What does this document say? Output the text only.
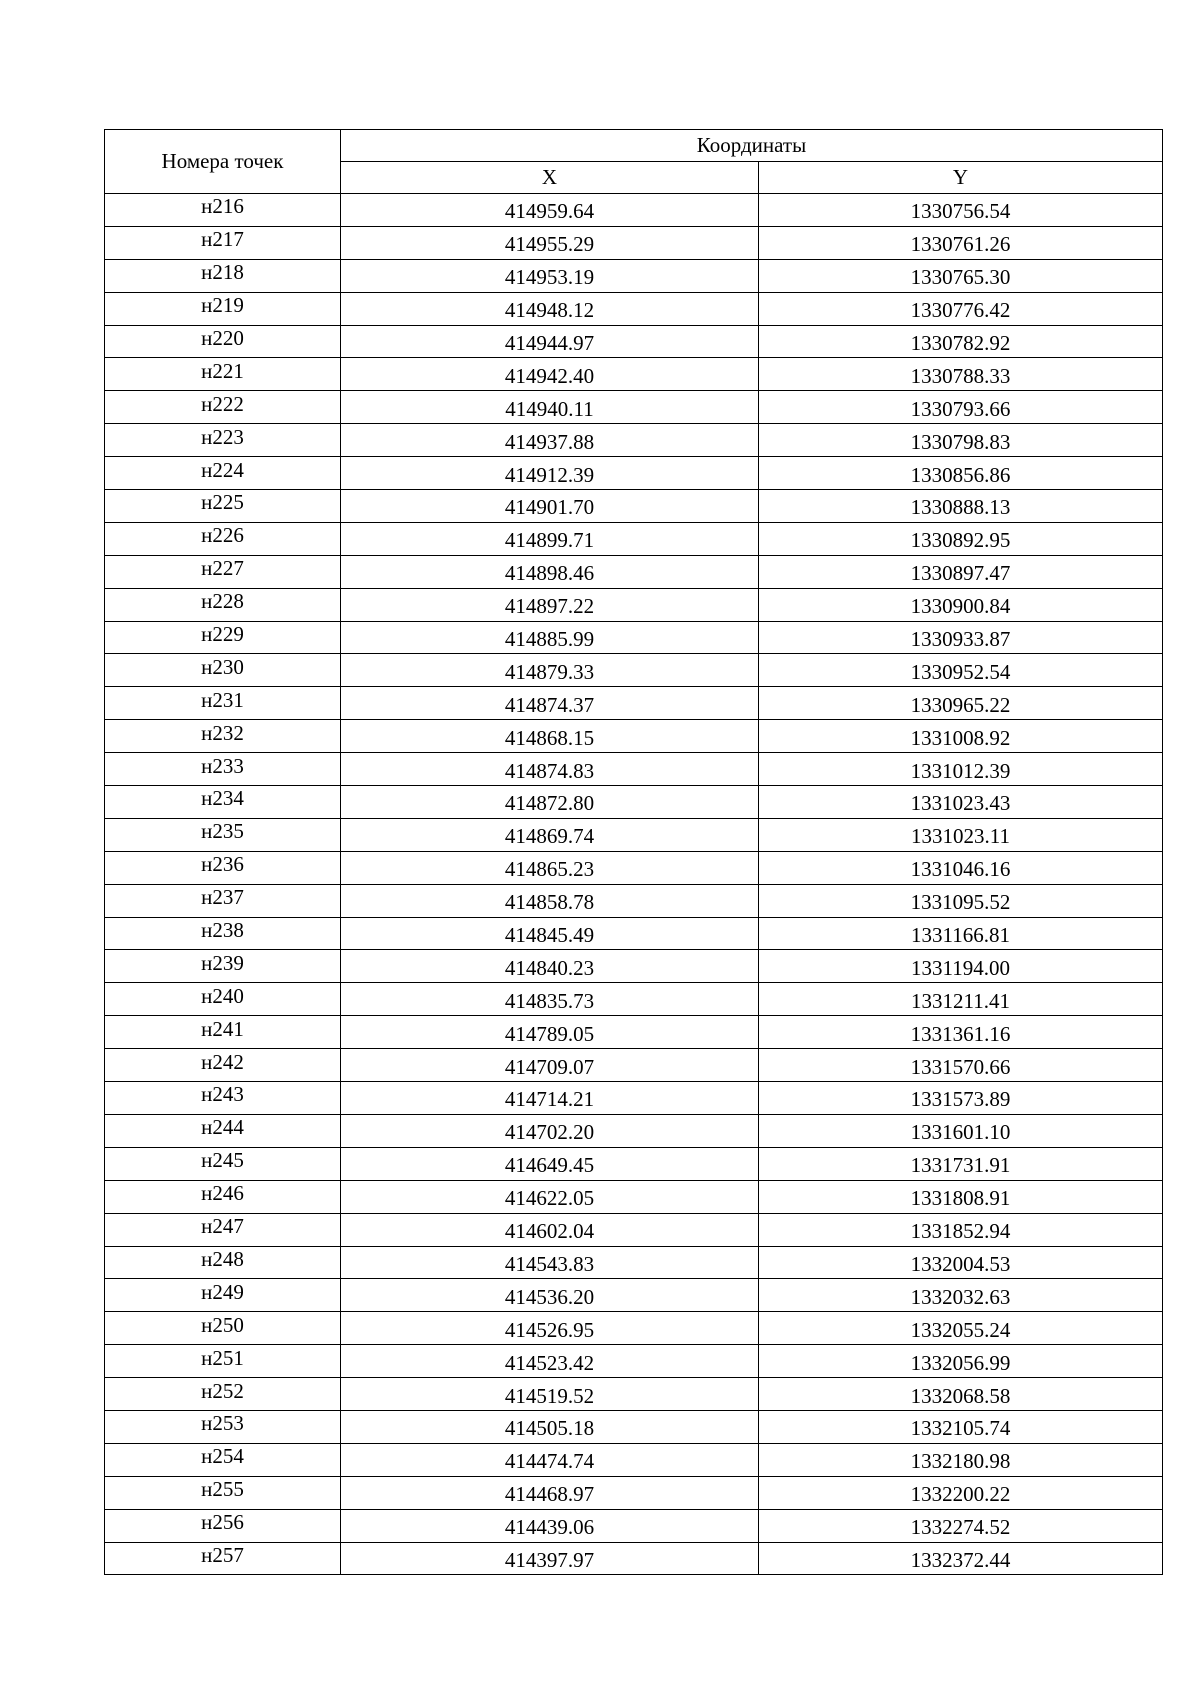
Номера точек	Координаты	
	X	Y
н216	414959.64	1330756.54
н217	414955.29	1330761.26
н218	414953.19	1330765.30
н219	414948.12	1330776.42
н220	414944.97	1330782.92
н221	414942.40	1330788.33
н222	414940.11	1330793.66
н223	414937.88	1330798.83
н224	414912.39	1330856.86
н225	414901.70	1330888.13
н226	414899.71	1330892.95
н227	414898.46	1330897.47
н228	414897.22	1330900.84
н229	414885.99	1330933.87
н230	414879.33	1330952.54
н231	414874.37	1330965.22
н232	414868.15	1331008.92
н233	414874.83	1331012.39
н234	414872.80	1331023.43
н235	414869.74	1331023.11
н236	414865.23	1331046.16
н237	414858.78	1331095.52
н238	414845.49	1331166.81
н239	414840.23	1331194.00
н240	414835.73	1331211.41
н241	414789.05	1331361.16
н242	414709.07	1331570.66
н243	414714.21	1331573.89
н244	414702.20	1331601.10
н245	414649.45	1331731.91
н246	414622.05	1331808.91
н247	414602.04	1331852.94
н248	414543.83	1332004.53
н249	414536.20	1332032.63
н250	414526.95	1332055.24
н251	414523.42	1332056.99
н252	414519.52	1332068.58
н253	414505.18	1332105.74
н254	414474.74	1332180.98
н255	414468.97	1332200.22
н256	414439.06	1332274.52
н257	414397.97	1332372.44
